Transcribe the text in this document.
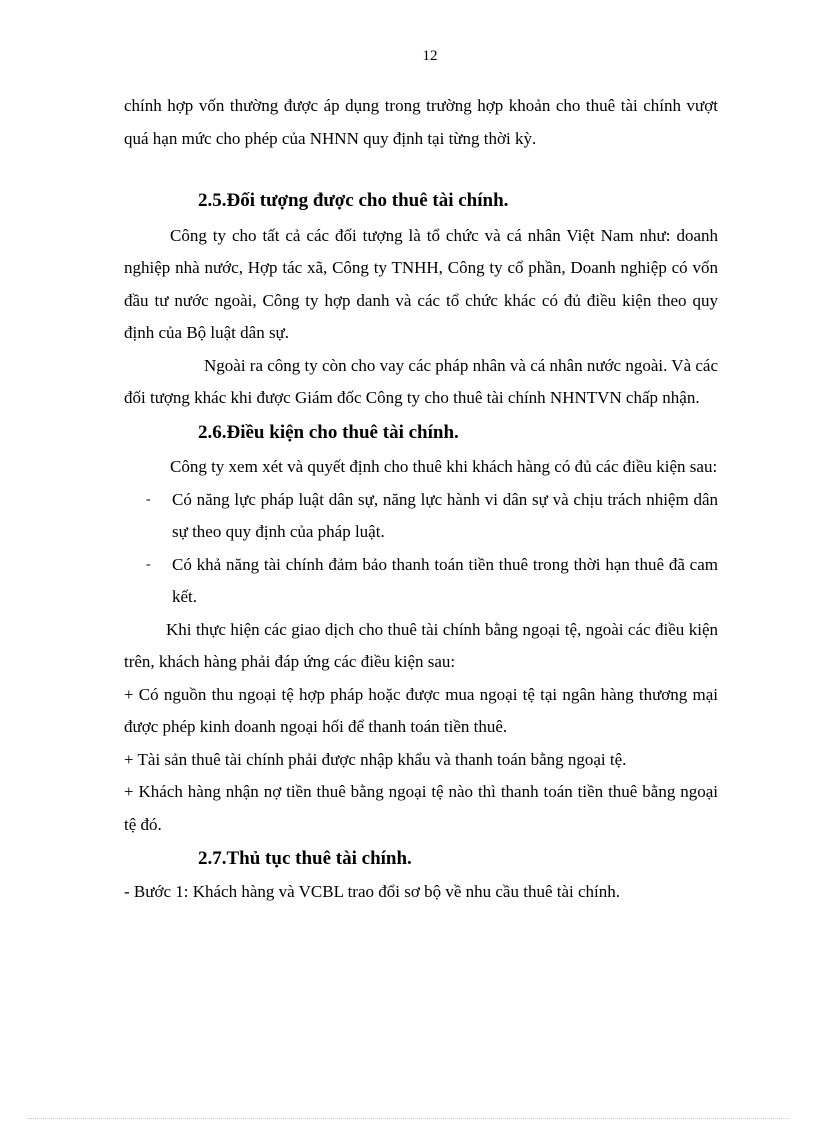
12

chính hợp vốn thường được áp dụng trong trường hợp khoản cho thuê tài chính vượt quá hạn mức cho phép của NHNN quy định tại từng thời kỳ.

2.5.Đối tượng được cho thuê tài chính.

Công ty cho tất cả các đối tượng là tổ chức và cá nhân Việt Nam như: doanh nghiệp nhà nước, Hợp tác xã, Công ty TNHH, Công ty cổ phần, Doanh nghiệp có vốn đầu tư nước ngoài, Công ty hợp danh và các tổ chức khác có đủ điều kiện theo quy định của Bộ luật dân sự.

Ngoài ra công ty còn cho vay các pháp nhân và cá nhân nước ngoài. Và các đối tượng khác khi được Giám đốc Công ty cho thuê tài chính NHNTVN chấp nhận.

2.6.Điều kiện cho thuê tài chính.

Công ty xem xét và quyết định cho thuê khi khách hàng có đủ các điều kiện sau:

- Có năng lực pháp luật dân sự, năng lực hành vi dân sự và chịu trách nhiệm dân sự theo quy định của pháp luật.

- Có khả năng tài chính đảm bảo thanh toán tiền thuê trong thời hạn thuê đã cam kết.

Khi thực hiện các giao dịch cho thuê tài chính bằng ngoại tệ, ngoài các điều kiện trên, khách hàng phải đáp ứng các điều kiện sau:

+ Có nguồn thu ngoại tệ hợp pháp hoặc được mua ngoại tệ tại ngân hàng thương mại được phép kinh doanh ngoại hối để thanh toán tiền thuê.

+ Tài sản thuê tài chính phải được nhập khẩu và thanh toán bằng ngoại tệ.

+ Khách hàng nhận nợ tiền thuê bằng ngoại tệ nào thì thanh toán tiền thuê bằng ngoại tệ đó.

2.7.Thủ tục thuê tài chính.

- Bước 1: Khách hàng và VCBL trao đổi sơ bộ về nhu cầu thuê tài chính.
